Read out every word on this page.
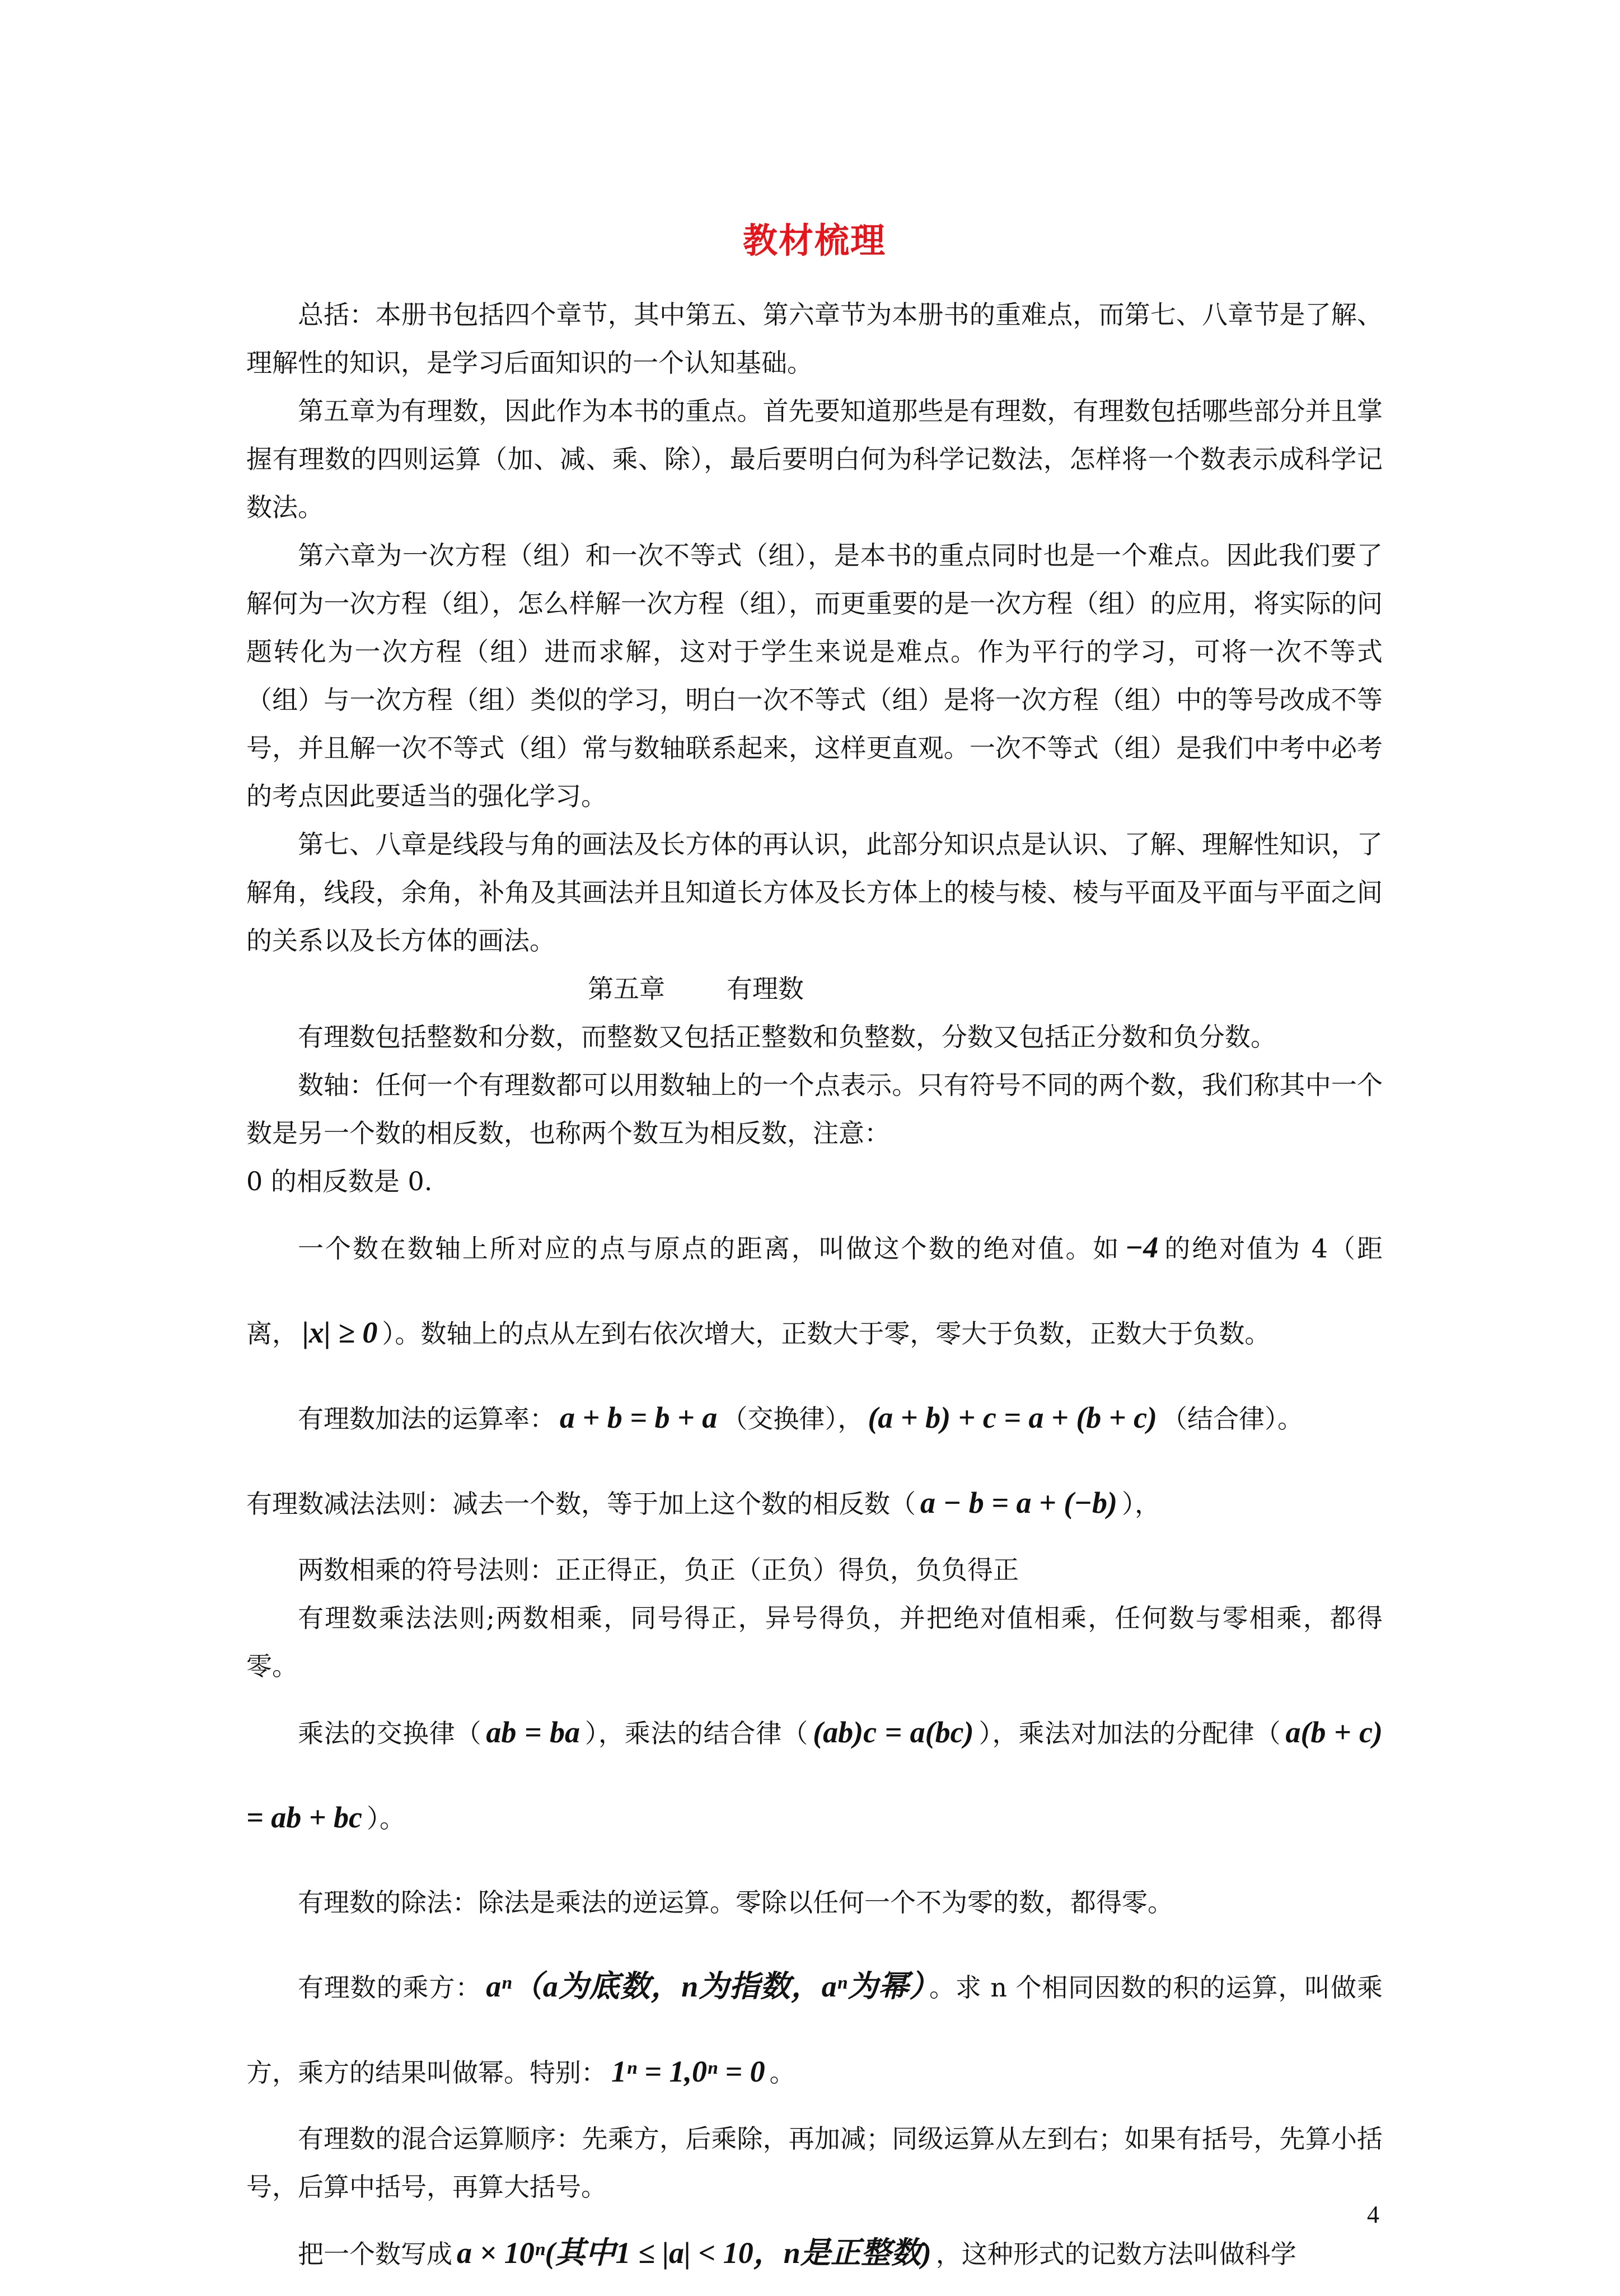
教材梳理

总括：本册书包括四个章节，其中第五、第六章节为本册书的重难点，而第七、八章节是了解、理解性的知识，是学习后面知识的一个认知基础。

第五章为有理数，因此作为本书的重点。首先要知道那些是有理数，有理数包括哪些部分并且掌握有理数的四则运算（加、减、乘、除），最后要明白何为科学记数法，怎样将一个数表示成科学记数法。

第六章为一次方程（组）和一次不等式（组），是本书的重点同时也是一个难点。因此我们要了解何为一次方程（组），怎么样解一次方程（组），而更重要的是一次方程（组）的应用，将实际的问题转化为一次方程（组）进而求解，这对于学生来说是难点。作为平行的学习，可将一次不等式（组）与一次方程（组）类似的学习，明白一次不等式（组）是将一次方程（组）中的等号改成不等号，并且解一次不等式（组）常与数轴联系起来，这样更直观。一次不等式（组）是我们中考中必考的考点因此要适当的强化学习。

第七、八章是线段与角的画法及长方体的再认识，此部分知识点是认识、了解、理解性知识，了解角，线段，余角，补角及其画法并且知道长方体及长方体上的棱与棱、棱与平面及平面与平面之间的关系以及长方体的画法。

第五章 有理数

有理数包括整数和分数，而整数又包括正整数和负整数，分数又包括正分数和负分数。

数轴：任何一个有理数都可以用数轴上的一个点表示。只有符号不同的两个数，我们称其中一个数是另一个数的相反数，也称两个数互为相反数，注意：

0 的相反数是 0.

一个数在数轴上所对应的点与原点的距离，叫做这个数的绝对值。如 −4 的绝对值为 4（距离， |x| ≥ 0 ）。数轴上的点从左到右依次增大，正数大于零，零大于负数，正数大于负数。

有理数加法的运算率： a + b = b + a （交换律）， (a + b) + c = a + (b + c) （结合律）。

有理数减法法则：减去一个数，等于加上这个数的相反数（ a − b = a + (−b) ），

两数相乘的符号法则：正正得正，负正（正负）得负，负负得正

有理数乘法法则;两数相乘，同号得正，异号得负，并把绝对值相乘，任何数与零相乘，都得零。

乘法的交换律（ ab = ba ），乘法的结合律（ (ab)c = a(bc) ），乘法对加法的分配律（ a(b + c) = ab + bc ）。

有理数的除法：除法是乘法的逆运算。零除以任何一个不为零的数，都得零。

有理数的乘方： aⁿ（a为底数，n为指数，aⁿ为幂） 。求 n 个相同因数的积的运算，叫做乘方，乘方的结果叫做幂。特别： 1ⁿ = 1,0ⁿ = 0 。

有理数的混合运算顺序：先乘方，后乘除，再加减；同级运算从左到右；如果有括号，先算小括号，后算中括号，再算大括号。

把一个数写成 a × 10ⁿ(其中1 ≤ |a| < 10，n是正整数) ，这种形式的记数方法叫做科学

4
